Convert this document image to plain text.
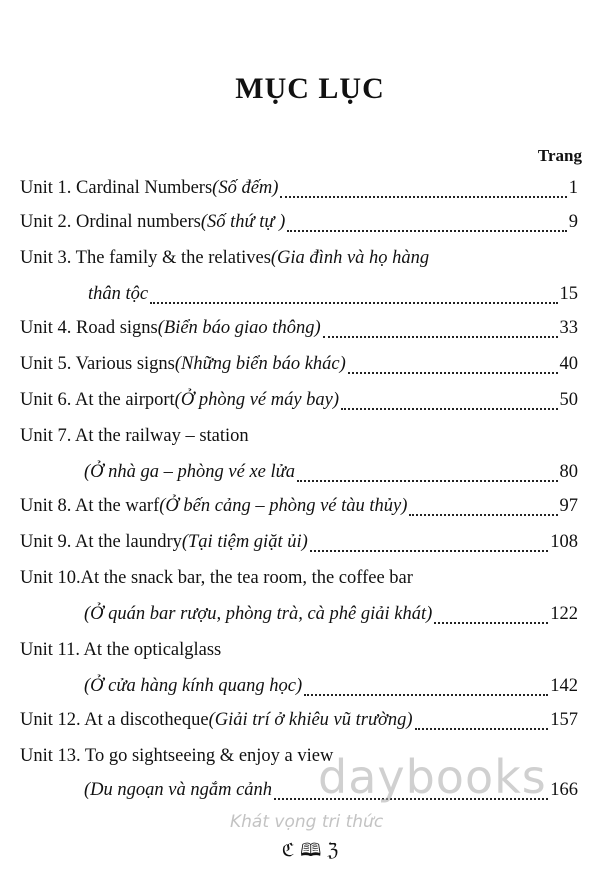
MỤC LỤC
Trang
Unit 1. Cardinal Numbers (Số đếm)	1
Unit 2. Ordinal numbers (Số thứ tự )	9
Unit 3. The family & the relatives (Gia đình và họ hàng
thân tộc	15
Unit 4. Road signs (Biển báo giao thông)	33
Unit 5. Various signs (Những biển báo khác)	40
Unit 6. At the airport (Ở phòng vé máy bay)	50
Unit 7. At the railway – station
(Ở nhà ga – phòng vé xe lửa	80
Unit 8. At the warf (Ở bến cảng – phòng vé tàu thủy)	97
Unit 9. At the laundry (Tại tiệm giặt ủi)	108
Unit 10.At the snack bar, the tea room, the coffee bar
(Ở quán bar rượu, phòng trà, cà phê giải khát)	122
Unit 11. At the opticalglass
(Ở cửa hàng kính quang học)	142
Unit 12. At a discotheque (Giải trí ở khiêu vũ trường)	157
Unit 13. To go sightseeing & enjoy a view
(Du ngoạn và ngắm cảnh	166
daybooks
Khát vọng tri thức
ℭ 🕮 ℨ
